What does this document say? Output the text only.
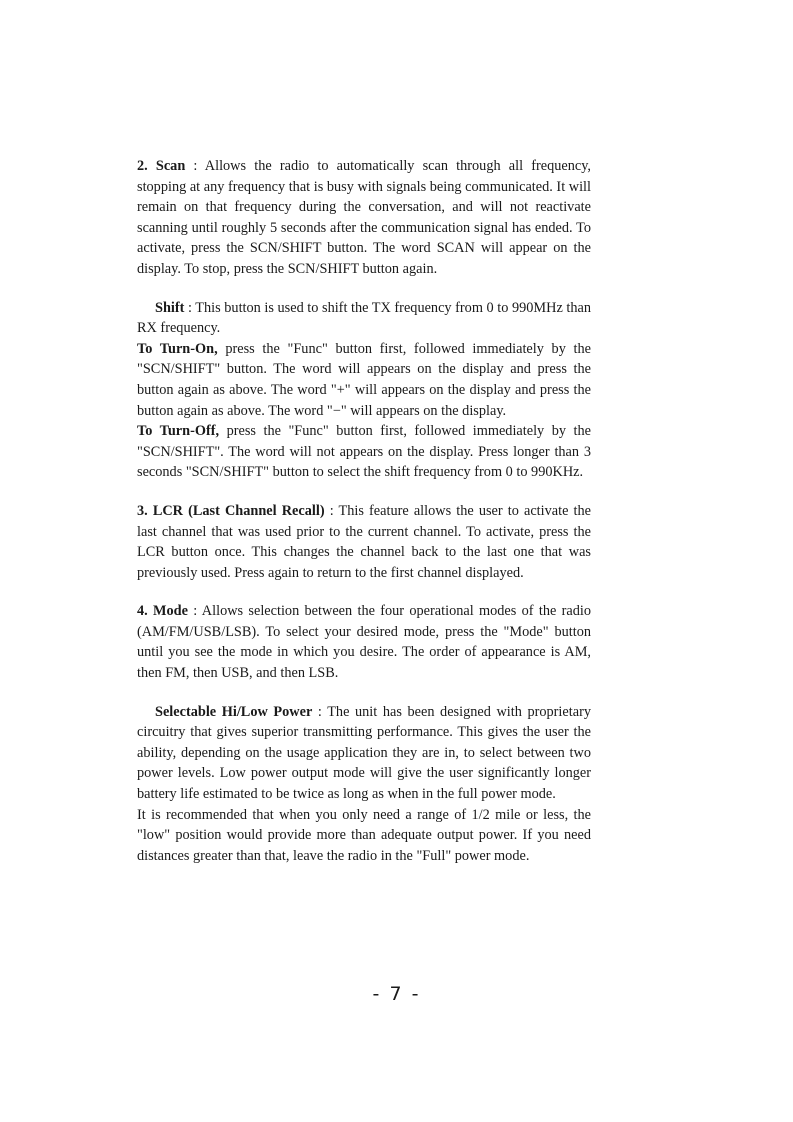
2. Scan : Allows the radio to automatically scan through all frequency, stopping at any frequency that is busy with signals being communicated. It will remain on that frequency during the conversation, and will not reactivate scanning until roughly 5 seconds after the communication signal has ended. To activate, press the SCN/SHIFT button. The word SCAN will appear on the display. To stop, press the SCN/SHIFT button again.

Shift : This button is used to shift the TX frequency from 0 to 990MHz than RX frequency.

To Turn-On, press the "Func" button first, followed immediately by the "SCN/SHIFT" button. The word will appears on the display and press the button again as above. The word "+" will appears on the display and press the button again as above. The word "−" will appears on the display.

To Turn-Off, press the "Func" button first, followed immediately by the "SCN/SHIFT". The word will not appears on the display. Press longer than 3 seconds "SCN/SHIFT" button to select the shift frequency from 0 to 990KHz.

3. LCR (Last Channel Recall) : This feature allows the user to activate the last channel that was used prior to the current channel. To activate, press the LCR button once. This changes the channel back to the last one that was previously used. Press again to return to the first channel displayed.

4. Mode : Allows selection between the four operational modes of the radio (AM/FM/USB/LSB). To select your desired mode, press the "Mode" button until you see the mode in which you desire. The order of appearance is AM, then FM, then USB, and then LSB.

Selectable Hi/Low Power : The unit has been designed with proprietary circuitry that gives superior transmitting performance. This gives the user the ability, depending on the usage application they are in, to select between two power levels. Low power output mode will give the user significantly longer battery life estimated to be twice as long as when in the full power mode.

It is recommended that when you only need a range of 1/2 mile or less, the "low" position would provide more than adequate output power. If you need distances greater than that, leave the radio in the "Full" power mode.

- 7 -
